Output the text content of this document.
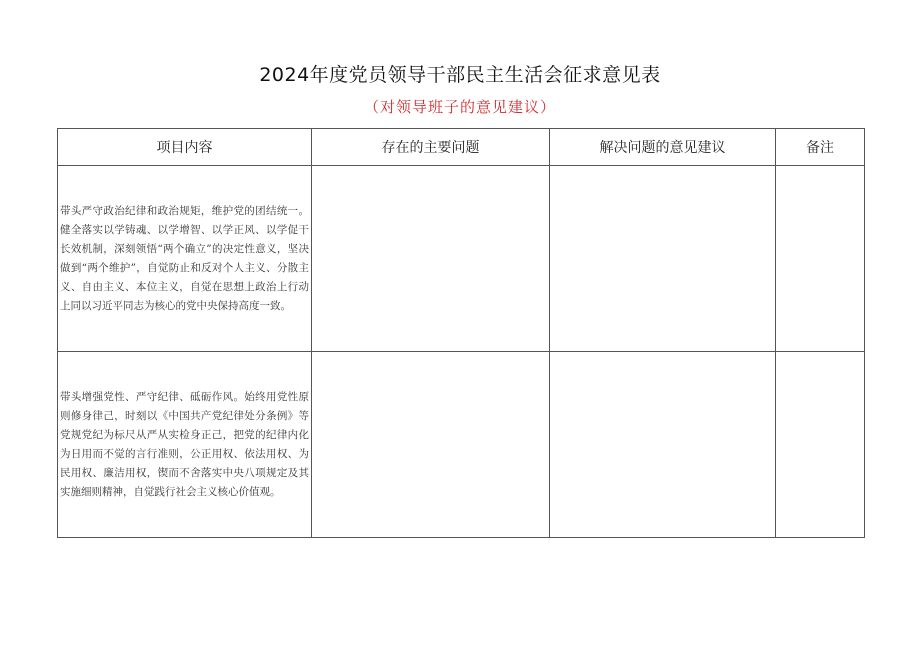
2024年度党员领导干部民主生活会征求意见表
（对领导班子的意见建议）
项目内容	存在的主要问题	解决问题的意见建议	备注

带头严守政治纪律和政治规矩，维护党的团结统一。健全落实以学铸魂、以学增智、以学正风、以学促干长效机制，深刻领悟“两个确立”的决定性意义，坚决做到“两个维护”，自觉防止和反对个人主义、分散主义、自由主义、本位主义，自觉在思想上政治上行动上同以习近平同志为核心的党中央保持高度一致。			

带头增强党性、严守纪律、砥砺作风。始终用党性原则修身律己，时刻以《中国共产党纪律处分条例》等党规党纪为标尺从严从实检身正己，把党的纪律内化为日用而不觉的言行准则，公正用权、依法用权、为民用权、廉洁用权，锲而不舍落实中央八项规定及其实施细则精神，自觉践行社会主义核心价值观。			
